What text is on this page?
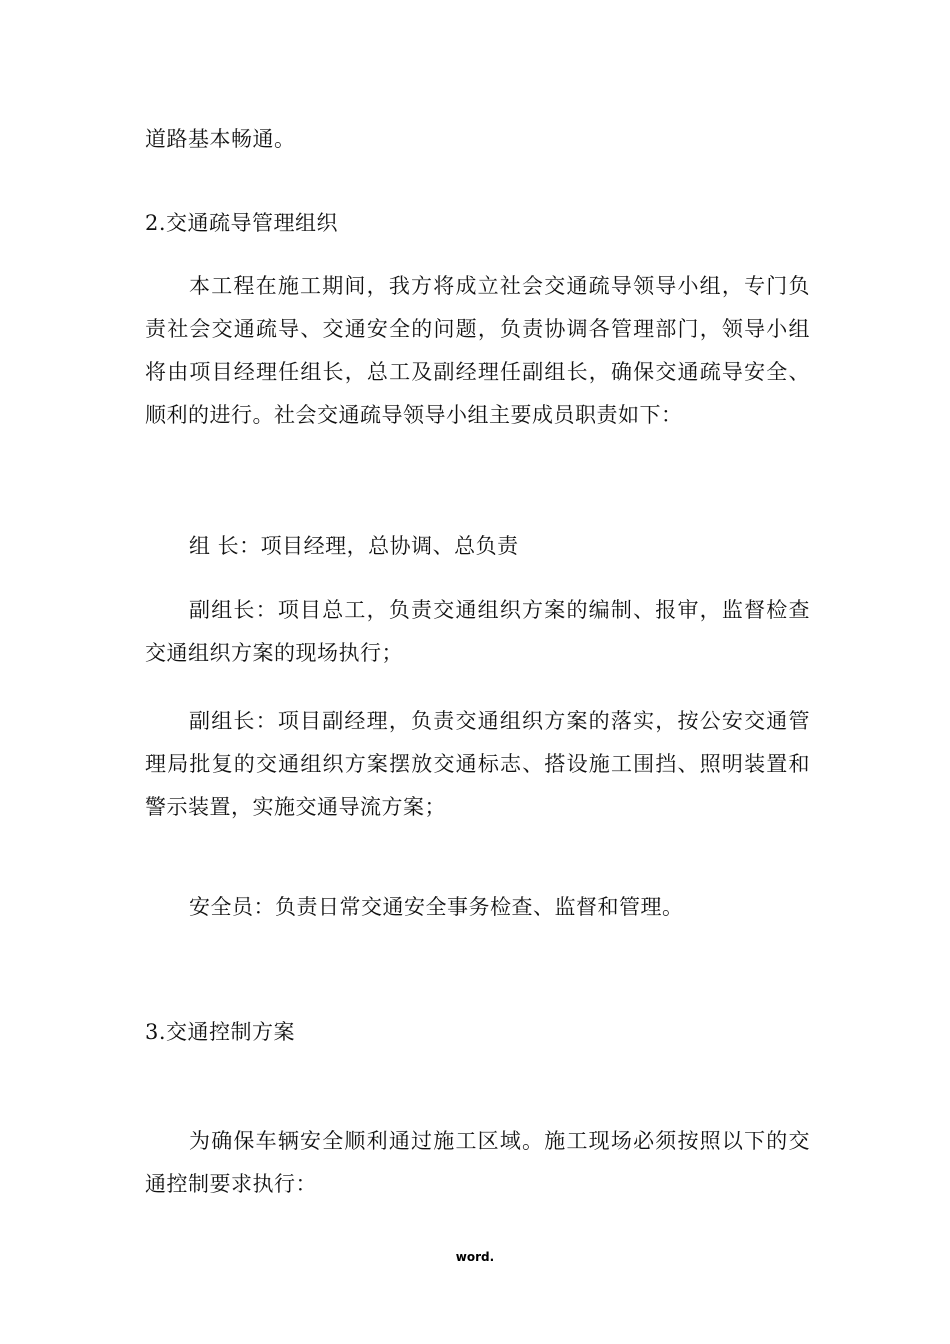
道路基本畅通。

2.交通疏导管理组织

本工程在施工期间，我方将成立社会交通疏导领导小组，专门负责社会交通疏导、交通安全的问题，负责协调各管理部门，领导小组将由项目经理任组长，总工及副经理任副组长，确保交通疏导安全、顺利的进行。社会交通疏导领导小组主要成员职责如下：

组 长：项目经理，总协调、总负责

副组长：项目总工，负责交通组织方案的编制、报审，监督检查交通组织方案的现场执行；

副组长：项目副经理，负责交通组织方案的落实，按公安交通管理局批复的交通组织方案摆放交通标志、搭设施工围挡、照明装置和警示装置，实施交通导流方案；

安全员：负责日常交通安全事务检查、监督和管理。

3.交通控制方案

为确保车辆安全顺利通过施工区域。施工现场必须按照以下的交通控制要求执行：

word.
